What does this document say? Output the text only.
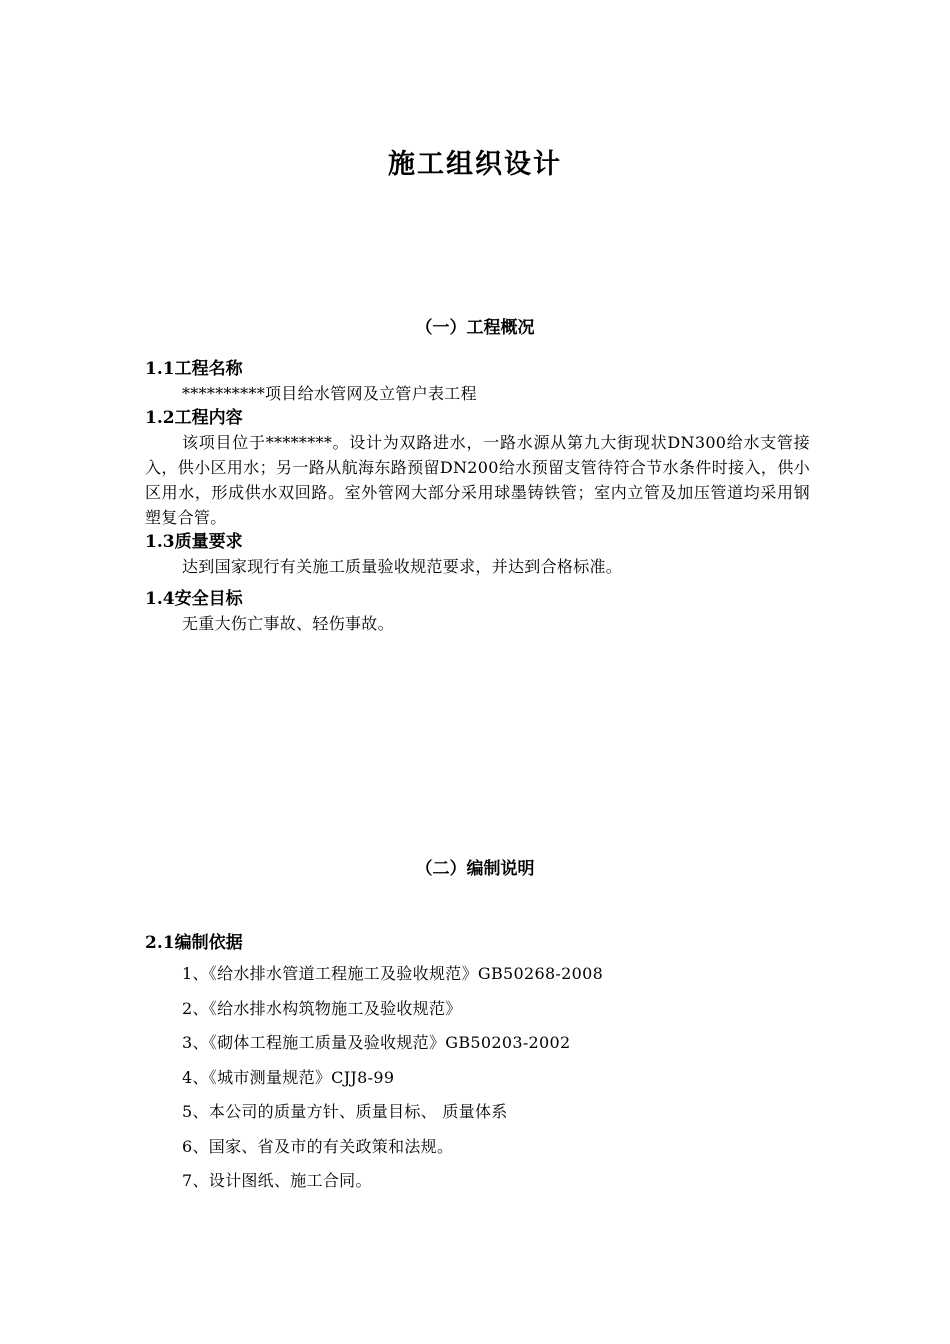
施工组织设计
（一）工程概况

1.1工程名称

**********项目给水管网及立管户表工程

1.2工程内容

该项目位于********。设计为双路进水，一路水源从第九大街现状DN300给水支管接入，供小区用水；另一路从航海东路预留DN200给水预留支管待符合节水条件时接入，供小区用水，形成供水双回路。室外管网大部分采用球墨铸铁管；室内立管及加压管道均采用钢塑复合管。

1.3质量要求

达到国家现行有关施工质量验收规范要求，并达到合格标准。

1.4安全目标

无重大伤亡事故、轻伤事故。

（二）编制说明

2.1编制依据

1、《给水排水管道工程施工及验收规范》GB50268-2008
2、《给水排水构筑物施工及验收规范》
3、《砌体工程施工质量及验收规范》GB50203-2002
4、《城市测量规范》CJJ8-99
5、本公司的质量方针、质量目标、 质量体系
6、国家、省及市的有关政策和法规。
7、设计图纸、施工合同。
